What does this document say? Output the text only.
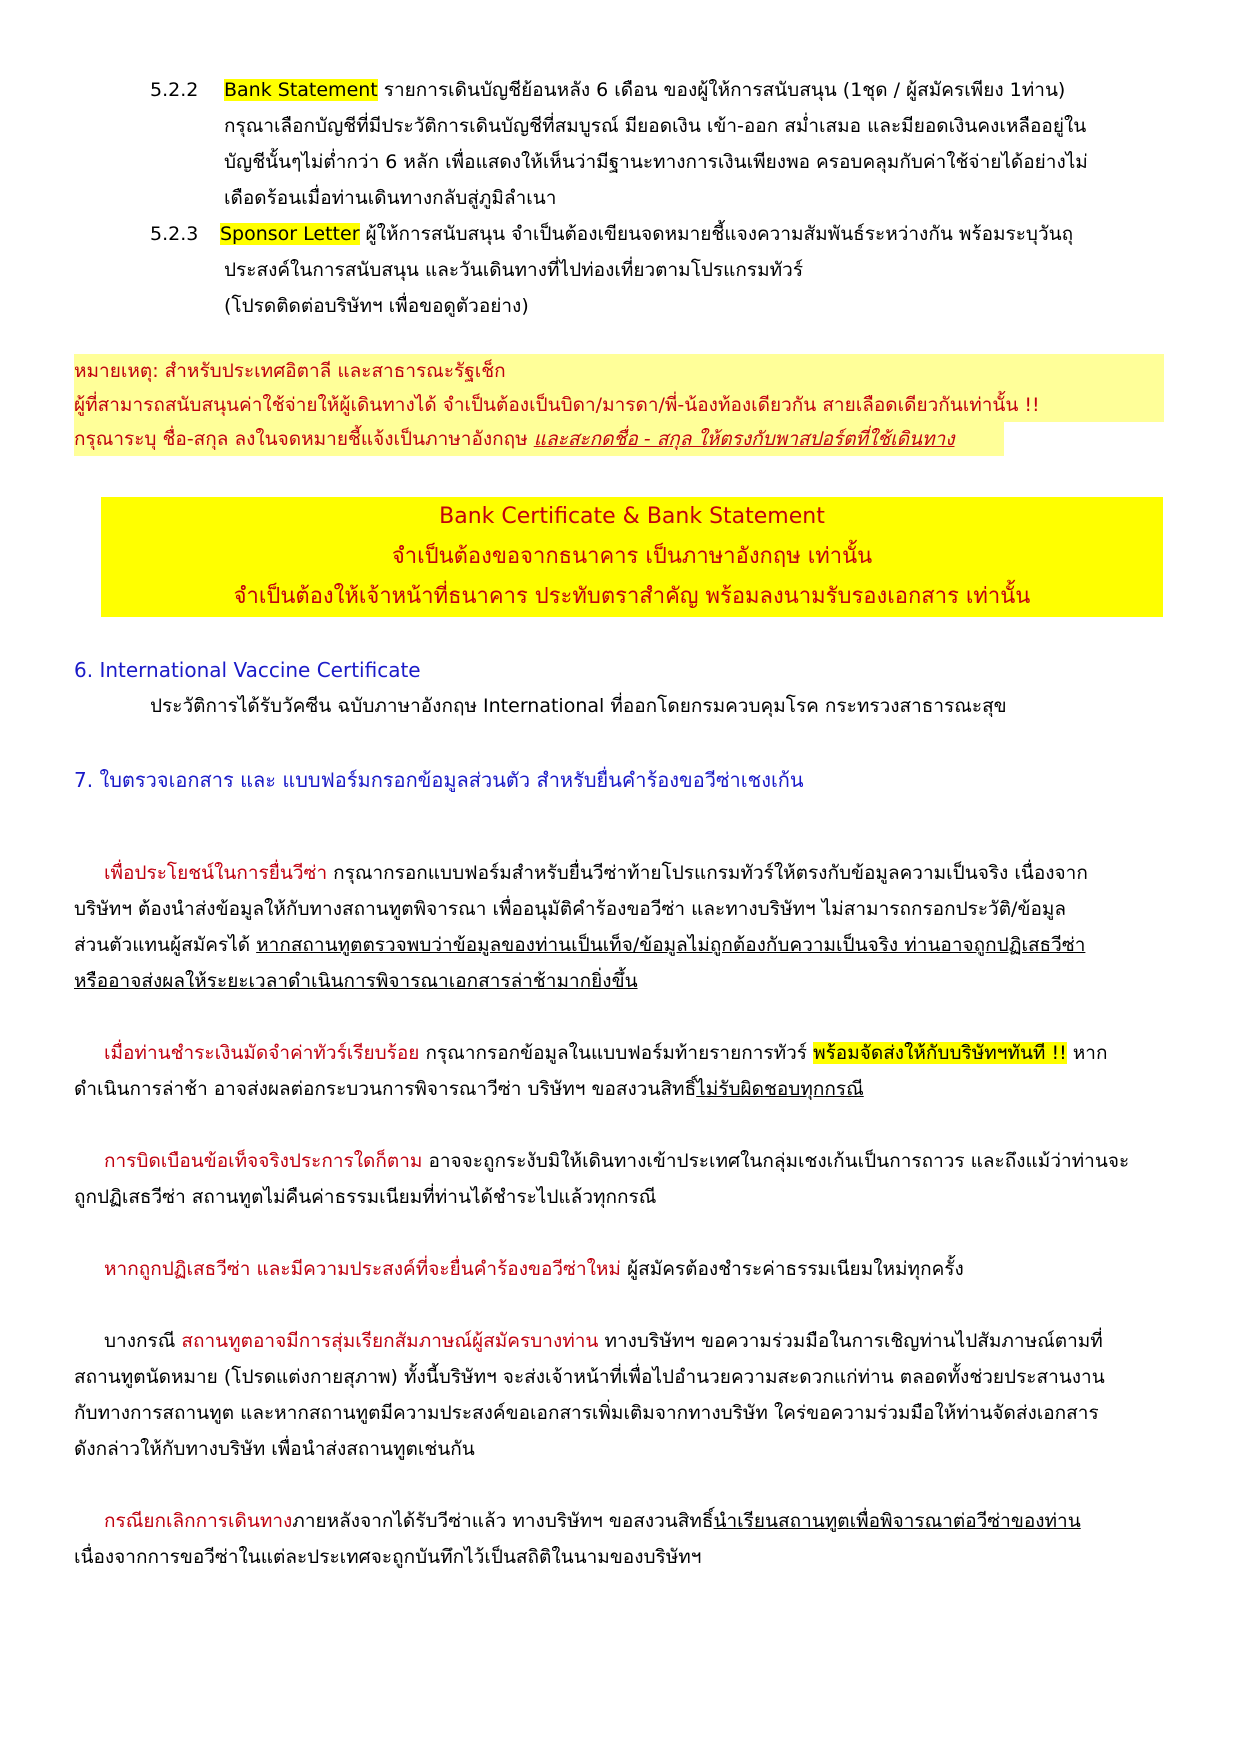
5.2.2 Bank Statement รายการเดินบัญชีย้อนหลัง 6 เดือน ของผู้ให้การสนับสนุน (1ชุด / ผู้สมัครเพียง 1ท่าน)

กรุณาเลือกบัญชีที่มีประวัติการเดินบัญชีที่สมบูรณ์ มียอดเงิน เข้า-ออก สม่ำเสมอ และมียอดเงินคงเหลืออยู่ใน

บัญชีนั้นๆไม่ต่ำกว่า 6 หลัก เพื่อแสดงให้เห็นว่ามีฐานะทางการเงินเพียงพอ ครอบคลุมกับค่าใช้จ่ายได้อย่างไม่

เดือดร้อนเมื่อท่านเดินทางกลับสู่ภูมิลำเนา

5.2.3 Sponsor Letter ผู้ให้การสนับสนุน จำเป็นต้องเขียนจดหมายชี้แจงความสัมพันธ์ระหว่างกัน พร้อมระบุวันถุ

ประสงค์ในการสนับสนุน และวันเดินทางที่ไปท่องเที่ยวตามโปรแกรมทัวร์

(โปรดติดต่อบริษัทฯ เพื่อขอดูตัวอย่าง)

หมายเหตุ: สำหรับประเทศอิตาลี และสาธารณะรัฐเช็ก
ผู้ที่สามารถสนับสนุนค่าใช้จ่ายให้ผู้เดินทางได้ จำเป็นต้องเป็นบิดา/มารดา/พี่-น้องท้องเดียวกัน สายเลือดเดียวกันเท่านั้น !!
กรุณาระบุ ชื่อ-สกุล ลงในจดหมายชี้แจ้งเป็นภาษาอังกฤษ และสะกดชื่อ - สกุล ให้ตรงกับพาสปอร์ตที่ใช้เดินทาง
Bank Certificate & Bank Statement
จำเป็นต้องขอจากธนาคาร เป็นภาษาอังกฤษ เท่านั้น
จำเป็นต้องให้เจ้าหน้าที่ธนาคาร ประทับตราสำคัญ พร้อมลงนามรับรองเอกสาร เท่านั้น
6. International Vaccine Certificate

ประวัติการได้รับวัคซีน ฉบับภาษาอังกฤษ International ที่ออกโดยกรมควบคุมโรค กระทรวงสาธารณะสุข

7. ใบตรวจเอกสาร และ แบบฟอร์มกรอกข้อมูลส่วนตัว สำหรับยื่นคำร้องขอวีซ่าเชงเก้น

เพื่อประโยชน์ในการยื่นวีซ่า กรุณากรอกแบบฟอร์มสำหรับยื่นวีซ่าท้ายโปรแกรมทัวร์ให้ตรงกับข้อมูลความเป็นจริง เนื่องจาก

บริษัทฯ ต้องนำส่งข้อมูลให้กับทางสถานทูตพิจารณา เพื่ออนุมัติคำร้องขอวีซ่า และทางบริษัทฯ ไม่สามารถกรอกประวัติ/ข้อมูล

ส่วนตัวแทนผู้สมัครได้ หากสถานทูตตรวจพบว่าข้อมูลของท่านเป็นเท็จ/ข้อมูลไม่ถูกต้องกับความเป็นจริง ท่านอาจถูกปฏิเสธวีซ่า

หรืออาจส่งผลให้ระยะเวลาดำเนินการพิจารณาเอกสารล่าช้ามากยิ่งขึ้น

เมื่อท่านชำระเงินมัดจำค่าทัวร์เรียบร้อย กรุณากรอกข้อมูลในแบบฟอร์มท้ายรายการทัวร์ พร้อมจัดส่งให้กับบริษัทฯทันที !! หาก

ดำเนินการล่าช้า อาจส่งผลต่อกระบวนการพิจารณาวีซ่า บริษัทฯ ขอสงวนสิทธิ์ไม่รับผิดชอบทุกกรณี

การบิดเบือนข้อเท็จจริงประการใดก็ตาม อาจจะถูกระงับมิให้เดินทางเข้าประเทศในกลุ่มเชงเก้นเป็นการถาวร และถึงแม้ว่าท่านจะ

ถูกปฏิเสธวีซ่า สถานทูตไม่คืนค่าธรรมเนียมที่ท่านได้ชำระไปแล้วทุกกรณี

หากถูกปฏิเสธวีซ่า และมีความประสงค์ที่จะยื่นคำร้องขอวีซ่าใหม่ ผู้สมัครต้องชำระค่าธรรมเนียมใหม่ทุกครั้ง

บางกรณี สถานทูตอาจมีการสุ่มเรียกสัมภาษณ์ผู้สมัครบางท่าน ทางบริษัทฯ ขอความร่วมมือในการเชิญท่านไปสัมภาษณ์ตามที่

สถานทูตนัดหมาย (โปรดแต่งกายสุภาพ) ทั้งนี้บริษัทฯ จะส่งเจ้าหน้าที่เพื่อไปอำนวยความสะดวกแก่ท่าน ตลอดทั้งช่วยประสานงาน

กับทางการสถานทูต และหากสถานทูตมีความประสงค์ขอเอกสารเพิ่มเติมจากทางบริษัท ใคร่ขอความร่วมมือให้ท่านจัดส่งเอกสาร

ดังกล่าวให้กับทางบริษัท เพื่อนำส่งสถานทูตเช่นกัน

กรณียกเลิกการเดินทางภายหลังจากได้รับวีซ่าแล้ว ทางบริษัทฯ ขอสงวนสิทธิ์นำเรียนสถานทูตเพื่อพิจารณาต่อวีซ่าของท่าน

เนื่องจากการขอวีซ่าในแต่ละประเทศจะถูกบันทึกไว้เป็นสถิติในนามของบริษัทฯ
